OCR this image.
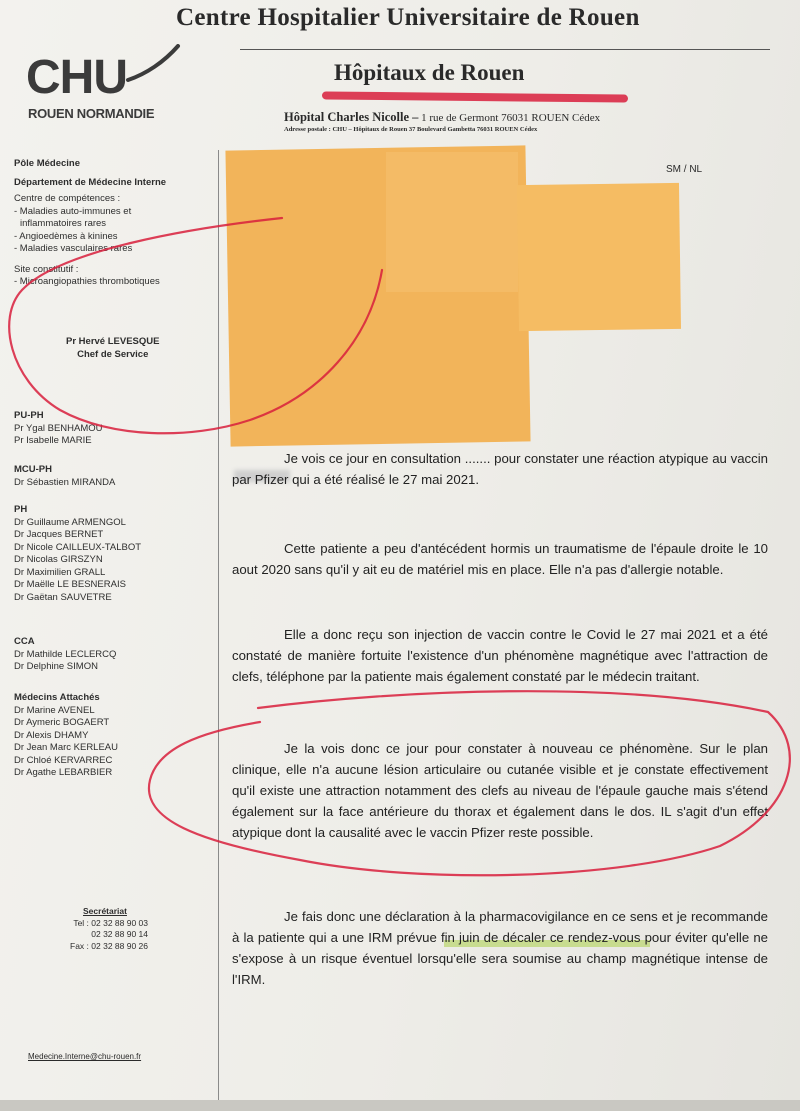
Centre Hospitalier Universitaire de Rouen
Hôpitaux de Rouen
Hôpital Charles Nicolle – 1 rue de Germont 76031 ROUEN Cédex
Adresse postale : CHU – Hôpitaux de Rouen 37 Boulevard Gambetta 76031 ROUEN Cédex
CHU
ROUEN NORMANDIE
Pôle Médecine
Département de Médecine Interne
Centre de compétences :
- Maladies auto-immunes et
inflammatoires rares
- Angioedèmes à kinines
- Maladies vasculaires rares
Site constitutif :
- Microangiopathies thrombotiques
Pr Hervé LEVESQUE
Chef de Service
PU-PH
Pr Ygal BENHAMOU
Pr Isabelle MARIE
MCU-PH
Dr Sébastien MIRANDA
PH
Dr Guillaume ARMENGOL
Dr Jacques BERNET
Dr Nicole CAILLEUX-TALBOT
Dr Nicolas GIRSZYN
Dr Maximilien GRALL
Dr Maëlle LE BESNERAIS
Dr Gaëtan SAUVETRE
CCA
Dr Mathilde LECLERCQ
Dr Delphine SIMON
Médecins Attachés
Dr Marine AVENEL
Dr Aymeric BOGAERT
Dr Alexis DHAMY
Dr Jean Marc KERLEAU
Dr Chloé KERVARREC
Dr Agathe LEBARBIER
Secrétariat
Tel : 02 32 88 90 03
02 32 88 90 14
Fax : 02 32 88 90 26
Medecine.Interne@chu-rouen.fr
SM / NL

Je vois ce jour en consultation ....... pour constater une réaction atypique au vaccin par Pfizer qui a été réalisé le 27 mai 2021.

Cette patiente a peu d'antécédent hormis un traumatisme de l'épaule droite le 10 aout 2020 sans qu'il y ait eu de matériel mis en place. Elle n'a pas d'allergie notable.

Elle a donc reçu son injection de vaccin contre le Covid le 27 mai 2021 et a été constaté de manière fortuite l'existence d'un phénomène magnétique avec l'attraction de clefs, téléphone par la patiente mais également constaté par le médecin traitant.

Je la vois donc ce jour pour constater à nouveau ce phénomène. Sur le plan clinique, elle n'a aucune lésion articulaire ou cutanée visible et je constate effectivement qu'il existe une attraction notamment des clefs au niveau de l'épaule gauche mais s'étend également sur la face antérieure du thorax et également dans le dos. IL s'agit d'un effet atypique dont la causalité avec le vaccin Pfizer reste possible.

Je fais donc une déclaration à la pharmacovigilance en ce sens et je recommande à la patiente qui a une IRM prévue fin juin de décaler ce rendez-vous pour éviter qu'elle ne s'expose à un risque éventuel lorsqu'elle sera soumise au champ magnétique intense de l'IRM.
